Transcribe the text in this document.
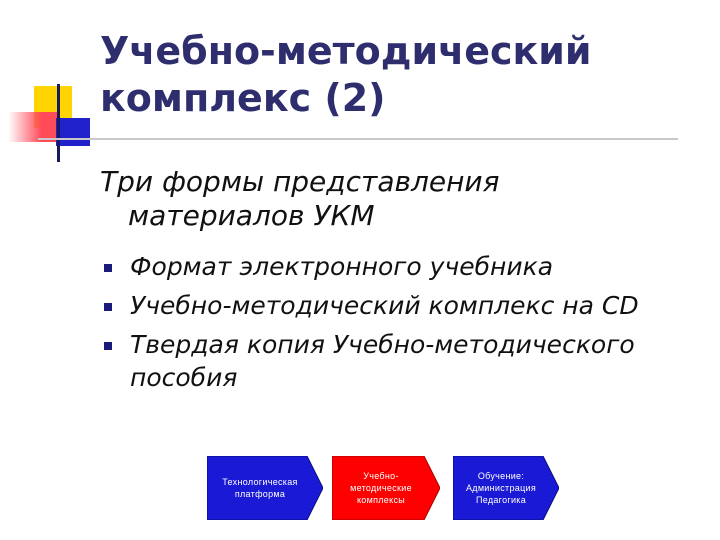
Учебно-методический
комплекс (2)
Три формы представления
материалов УКМ
Формат электронного учебника
Учебно-методический комплекс на CD
Твердая копия Учебно-методического пособия
Технологическая
платформа
Учебно-
методические
комплексы
Обучение:
Администрация
Педагогика
